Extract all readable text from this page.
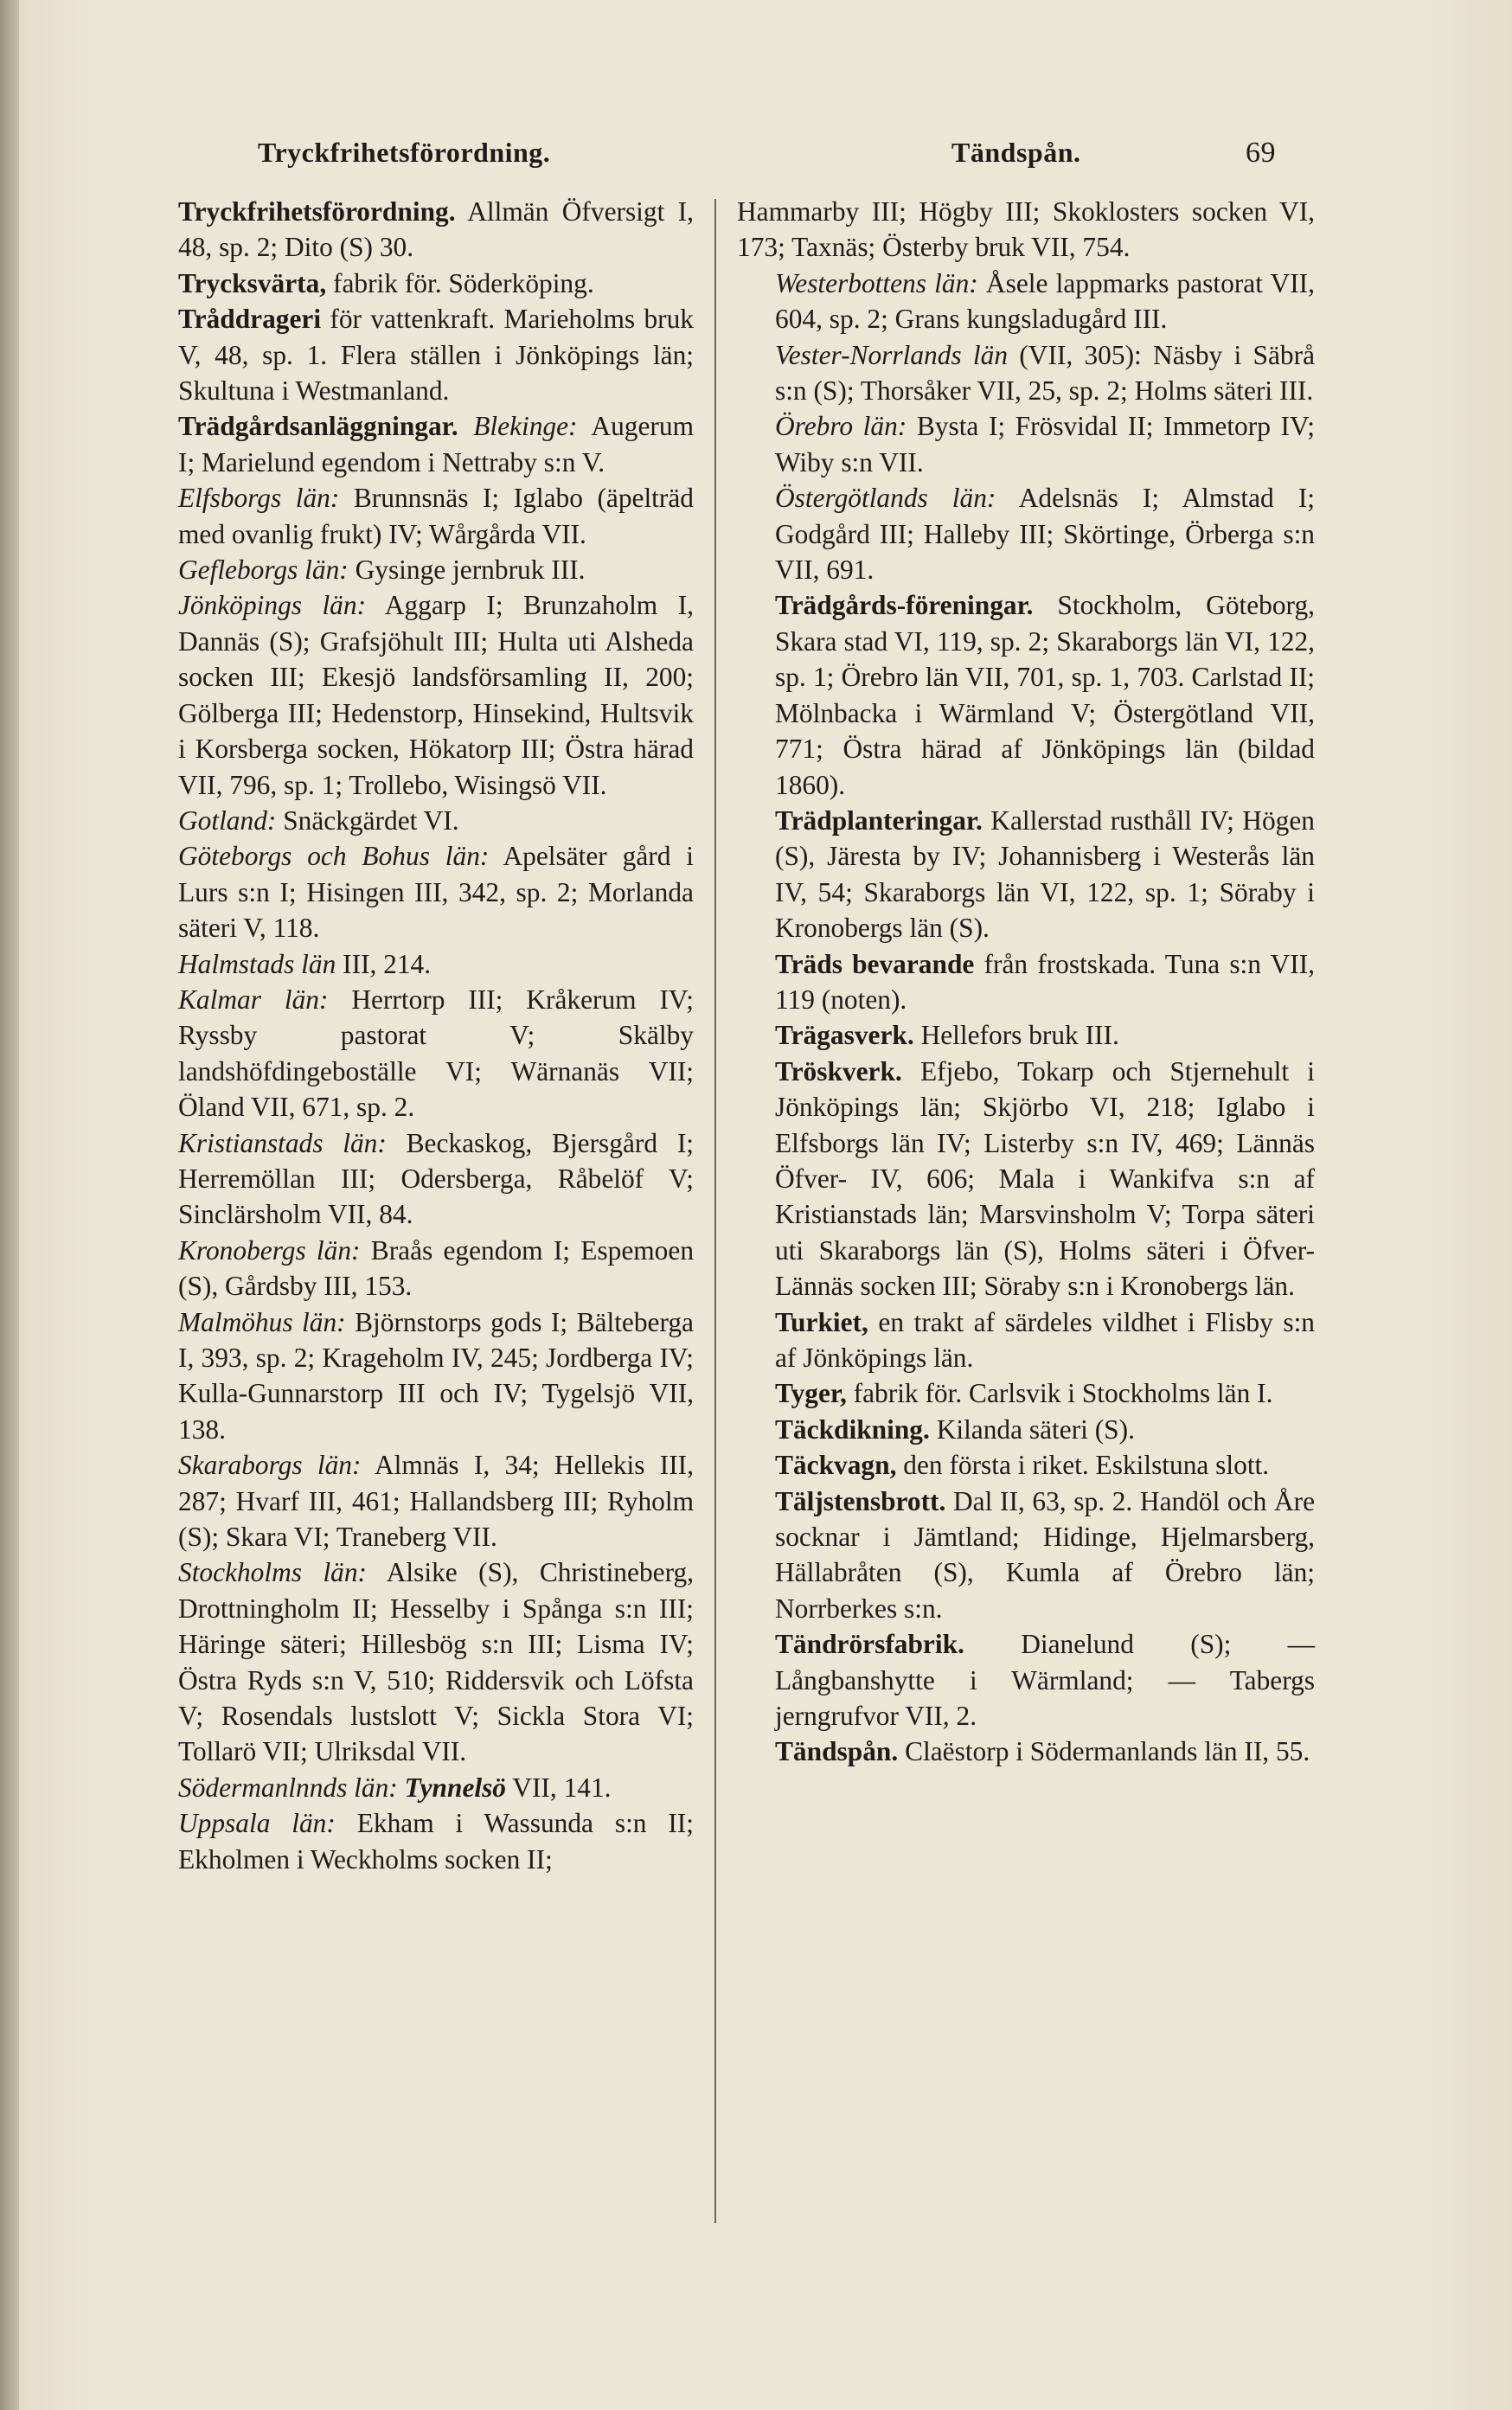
Tryckfrihetsförordning.	Tändspån.	69

Tryckfrihetsförordning. Allmän Öfversigt I, 48, sp. 2; Dito (S) 30.

Trycksvärta, fabrik för. Söderköping.

Tråddrageri för vattenkraft. Marieholms bruk V, 48, sp. 1. Flera ställen i Jönköpings län; Skultuna i Westmanland.

Trädgårdsanläggningar. Blekinge: Augerum I; Marielund egendom i Nettraby s:n V.

Elfsborgs län: Brunnsnäs I; Iglabo (äpelträd med ovanlig frukt) IV; Wårgårda VII.

Gefleborgs län: Gysinge jernbruk III.

Jönköpings län: Aggarp I; Brunzaholm I, Dannäs (S); Grafsjöhult III; Hulta uti Alsheda socken III; Ekesjö landsförsamling II, 200; Gölberga III; Hedenstorp, Hinsekind, Hultsvik i Korsberga socken, Hökatorp III; Östra härad VII, 796, sp. 1; Trollebo, Wisingsö VII.

Gotland: Snäckgärdet VI.

Göteborgs och Bohus län: Apelsäter gård i Lurs s:n I; Hisingen III, 342, sp. 2; Morlanda säteri V, 118.

Halmstads län III, 214.

Kalmar län: Herrtorp III; Kråkerum IV; Ryssby pastorat V; Skälby landshöfdingeboställe VI; Wärnanäs VII; Öland VII, 671, sp. 2.

Kristianstads län: Beckaskog, Bjersgård I; Herremöllan III; Odersberga, Råbelöf V; Sinclärsholm VII, 84.

Kronobergs län: Braås egendom I; Espemoen (S), Gårdsby III, 153.

Malmöhus län: Björnstorps gods I; Bälteberga I, 393, sp. 2; Krageholm IV, 245; Jordberga IV; Kulla-Gunnarstorp III och IV; Tygelsjö VII, 138.

Skaraborgs län: Almnäs I, 34; Hellekis III, 287; Hvarf III, 461; Hallandsberg III; Ryholm (S); Skara VI; Traneberg VII.

Stockholms län: Alsike (S), Christineberg, Drottningholm II; Hesselby i Spånga s:n III; Häringe säteri; Hillesbög s:n III; Lisma IV; Östra Ryds s:n V, 510; Riddersvik och Löfsta V; Rosendals lustslott V; Sickla Stora VI; Tollarö VII; Ulriksdal VII.

Södermanlnnds län: Tynnelsö VII, 141.

Uppsala län: Ekham i Wassunda s:n II; Ekholmen i Weckholms socken II;

Hammarby III; Högby III; Skoklosters socken VI, 173; Taxnäs; Österby bruk VII, 754.

Westerbottens län: Åsele lappmarks pastorat VII, 604, sp. 2; Grans kungsladugård III.

Vester-Norrlands län (VII, 305): Näsby i Säbrå s:n (S); Thorsåker VII, 25, sp. 2; Holms säteri III.

Örebro län: Bysta I; Frösvidal II; Immetorp IV; Wiby s:n VII.

Östergötlands län: Adelsnäs I; Almstad I; Godgård III; Halleby III; Skörtinge, Örberga s:n VII, 691.

Trädgårds-föreningar. Stockholm, Göteborg, Skara stad VI, 119, sp. 2; Skaraborgs län VI, 122, sp. 1; Örebro län VII, 701, sp. 1, 703. Carlstad II; Mölnbacka i Wärmland V; Östergötland VII, 771; Östra härad af Jönköpings län (bildad 1860).

Trädplanteringar. Kallerstad rusthåll IV; Högen (S), Järesta by IV; Johannisberg i Westerås län IV, 54; Skaraborgs län VI, 122, sp. 1; Söraby i Kronobergs län (S).

Träds bevarande från frostskada. Tuna s:n VII, 119 (noten).

Trägasverk. Hellefors bruk III.

Tröskverk. Efjebo, Tokarp och Stjernehult i Jönköpings län; Skjörbo VI, 218; Iglabo i Elfsborgs län IV; Listerby s:n IV, 469; Lännäs Öfver- IV, 606; Mala i Wankifva s:n af Kristianstads län; Marsvinsholm V; Torpa säteri uti Skaraborgs län (S), Holms säteri i Öfver-Lännäs socken III; Söraby s:n i Kronobergs län.

Turkiet, en trakt af särdeles vildhet i Flisby s:n af Jönköpings län.

Tyger, fabrik för. Carlsvik i Stockholms län I.

Täckdikning. Kilanda säteri (S).

Täckvagn, den första i riket. Eskilstuna slott.

Täljstensbrott. Dal II, 63, sp. 2. Handöl och Åre socknar i Jämtland; Hidinge, Hjelmarsberg, Hällabråten (S), Kumla af Örebro län; Norrberkes s:n.

Tändrörsfabrik. Dianelund (S); — Långbanshytte i Wärmland; — Tabergs jerngrufvor VII, 2.

Tändspån. Claëstorp i Södermanlands län II, 55.
